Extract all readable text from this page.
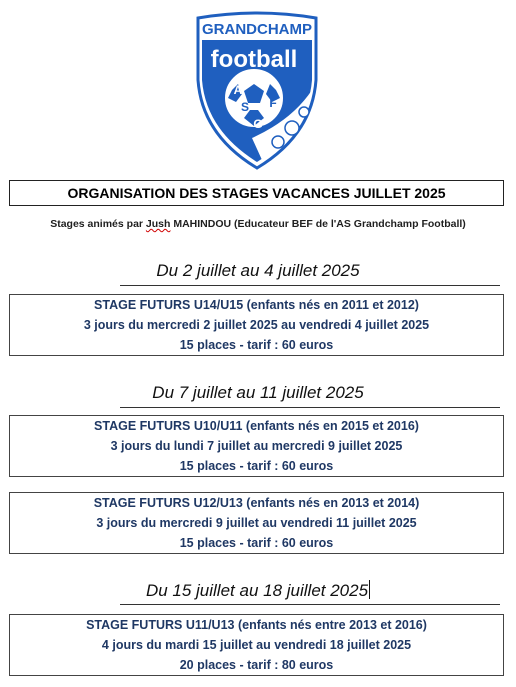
GRANDCHAMP
football
A
S F
G
ORGANISATION DES STAGES VACANCES JUILLET 2025
Stages animés par Jush MAHINDOU (Educateur BEF de l'AS Grandchamp Football)
Du 2 juillet au 4 juillet 2025
STAGE FUTURS U14/U15 (enfants nés en 2011 et 2012)
3 jours du mercredi 2 juillet 2025 au vendredi 4 juillet 2025
15 places - tarif : 60 euros
Du 7 juillet au 11 juillet 2025
STAGE FUTURS U10/U11 (enfants nés en 2015 et 2016)
3 jours du lundi 7 juillet au mercredi 9 juillet 2025
15 places - tarif : 60 euros
STAGE FUTURS U12/U13 (enfants nés en 2013 et 2014)
3 jours du mercredi 9 juillet au vendredi 11 juillet 2025
15 places - tarif : 60 euros
Du 15 juillet au 18 juillet 2025
STAGE FUTURS U11/U13 (enfants nés entre 2013 et 2016)
4 jours du mardi 15 juillet au vendredi 18 juillet 2025
20 places - tarif : 80 euros
